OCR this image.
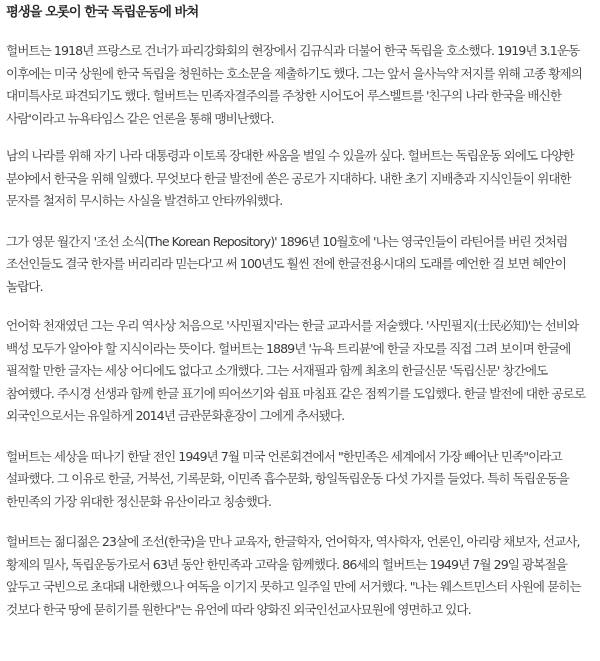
평생을 오롯이 한국 독립운동에 바쳐

헐버트는 1918년 프랑스로 건너가 파리강화회의 현장에서 김규식과 더불어 한국 독립을 호소했다. 1919년 3.1운동 이후에는 미국 상원에 한국 독립을 청원하는 호소문을 제출하기도 했다. 그는 앞서 을사늑약 저지를 위해 고종 황제의 대미특사로 파견되기도 했다. 헐버트는 민족자결주의를 주창한 시어도어 루스벨트를 '친구의 나라 한국을 배신한 사람'이라고 뉴욕타임스 같은 언론을 통해 맹비난했다.

남의 나라를 위해 자기 나라 대통령과 이토록 장대한 싸움을 벌일 수 있을까 싶다. 헐버트는 독립운동 외에도 다양한 분야에서 한국을 위해 일했다. 무엇보다 한글 발전에 쏟은 공로가 지대하다. 내한 초기 지배층과 지식인들이 위대한 문자를 철저히 무시하는 사실을 발견하고 안타까워했다.

그가 영문 월간지 '조선 소식(The Korean Repository)' 1896년 10월호에 '나는 영국인들이 라틴어를 버린 것처럼 조선인들도 결국 한자를 버리리라 믿는다'고 써 100년도 훨씬 전에 한글전용시대의 도래를 예언한 걸 보면 혜안이 놀랍다.

언어학 천재였던 그는 우리 역사상 처음으로 '사민필지'라는 한글 교과서를 저술했다. '사민필지(士民必知)'는 선비와 백성 모두가 알아야 할 지식이라는 뜻이다. 헐버트는 1889년 '뉴욕 트리뷴'에 한글 자모를 직접 그려 보이며 한글에 필적할 만한 글자는 세상 어디에도 없다고 소개했다. 그는 서재필과 함께 최초의 한글신문 '독립신문' 창간에도 참여했다. 주시경 선생과 함께 한글 표기에 띄어쓰기와 쉼표 마침표 같은 점찍기를 도입했다. 한글 발전에 대한 공로로 외국인으로서는 유일하게 2014년 금관문화훈장이 그에게 추서됐다.

헐버트는 세상을 떠나기 한달 전인 1949년 7월 미국 언론회견에서 "한민족은 세계에서 가장 빼어난 민족"이라고 설파했다. 그 이유로 한글, 거북선, 기록문화, 이민족 흡수문화, 항일독립운동 다섯 가지를 들었다. 특히 독립운동을 한민족의 가장 위대한 정신문화 유산이라고 칭송했다.

헐버트는 젊디젊은 23살에 조선(한국)을 만나 교육자, 한글학자, 언어학자, 역사학자, 언론인, 아리랑 채보자, 선교사, 황제의 밀사, 독립운동가로서 63년 동안 한민족과 고락을 함께했다. 86세의 헐버트는 1949년 7월 29일 광복절을 앞두고 국빈으로 초대돼 내한했으나 여독을 이기지 못하고 일주일 만에 서거했다. "나는 웨스트민스터 사원에 묻히는 것보다 한국 땅에 묻히기를 원한다"는 유언에 따라 양화진 외국인선교사묘원에 영면하고 있다.
